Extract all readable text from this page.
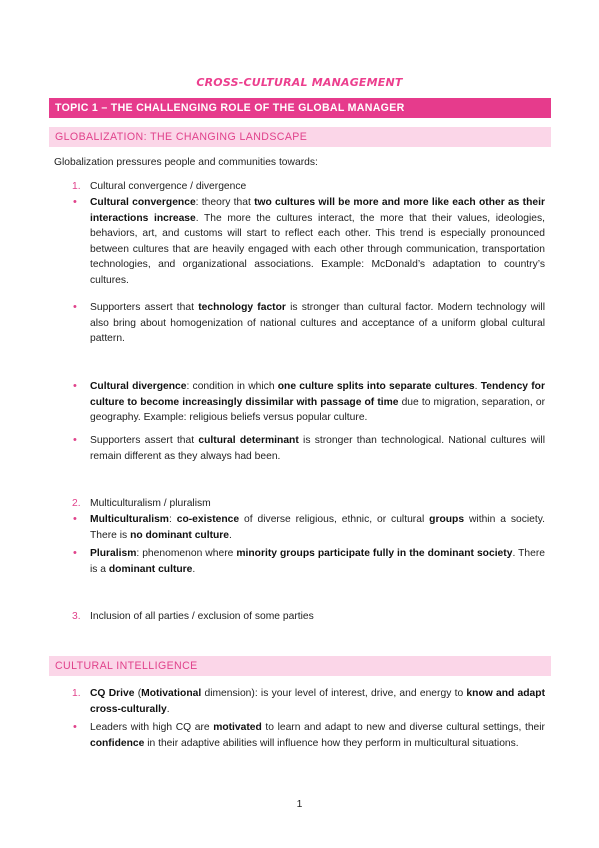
CROSS-CULTURAL MANAGEMENT
TOPIC 1 – THE CHALLENGING ROLE OF THE GLOBAL MANAGER
GLOBALIZATION: THE CHANGING LANDSCAPE
Globalization pressures people and communities towards:
1. Cultural convergence / divergence
• Cultural convergence: theory that two cultures will be more and more like each other as their interactions increase. The more the cultures interact, the more that their values, ideologies, behaviors, art, and customs will start to reflect each other. This trend is especially pronounced between cultures that are heavily engaged with each other through communication, transportation technologies, and organizational associations. Example: McDonald’s adaptation to country’s cultures.
• Supporters assert that technology factor is stronger than cultural factor. Modern technology will also bring about homogenization of national cultures and acceptance of a uniform global cultural pattern.
• Cultural divergence: condition in which one culture splits into separate cultures. Tendency for culture to become increasingly dissimilar with passage of time due to migration, separation, or geography. Example: religious beliefs versus popular culture.
• Supporters assert that cultural determinant is stronger than technological. National cultures will remain different as they always had been.
2. Multiculturalism / pluralism
• Multiculturalism: co-existence of diverse religious, ethnic, or cultural groups within a society. There is no dominant culture.
• Pluralism: phenomenon where minority groups participate fully in the dominant society. There is a dominant culture.
3. Inclusion of all parties / exclusion of some parties
CULTURAL INTELLIGENCE
1. CQ Drive (Motivational dimension): is your level of interest, drive, and energy to know and adapt cross-culturally.
• Leaders with high CQ are motivated to learn and adapt to new and diverse cultural settings, their confidence in their adaptive abilities will influence how they perform in multicultural situations.
1
